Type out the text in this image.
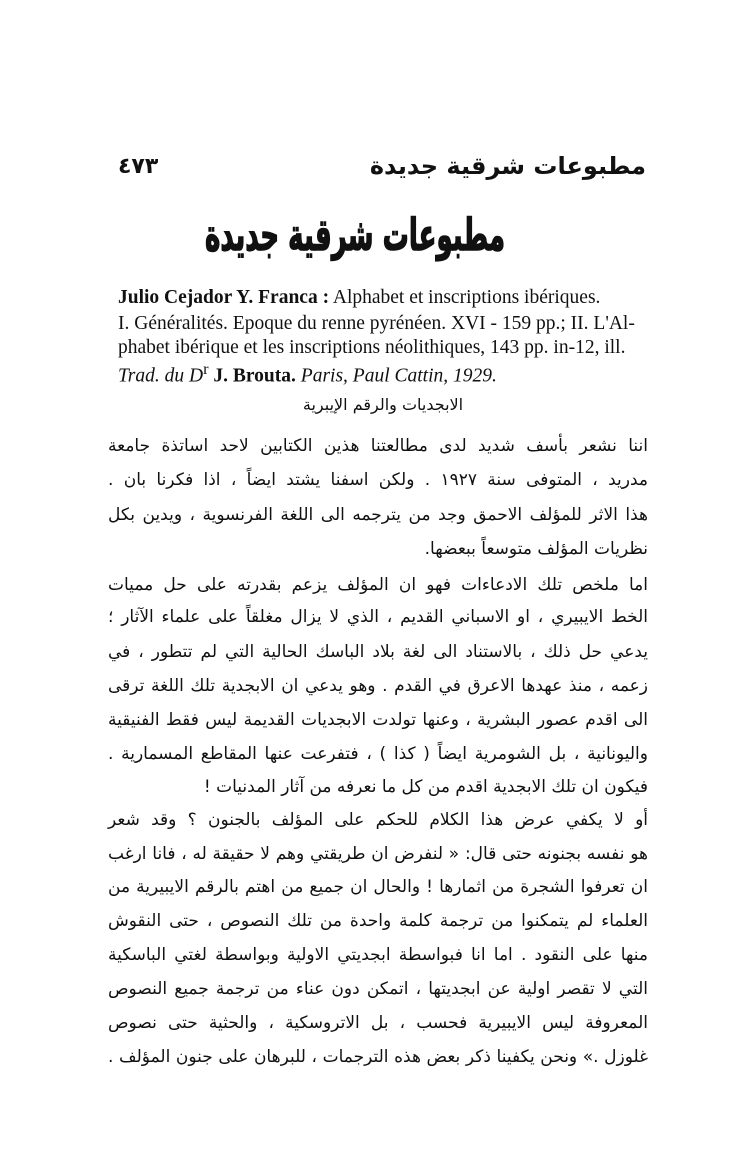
٤٧٣	مطبوعات شرقية جديدة
مطبوعات شرقية جديدة
Julio Cejador Y. Franca : Alphabet et inscriptions ibériques.
I. Généralités. Epoque du renne pyrénéen. XVI - 159 pp.; II. L'Al-
phabet ibérique et les inscriptions néolithiques, 143 pp. in-12, ill.
Trad. du $D^r$ J. Brouta. Paris, Paul Cattin, 1929.
الابجديات والرقم الإيبرية
اننا نشعر بأسف شديد لدى مطالعتنا هذين الكتابين لاحد اساتذة جامعة
مدريد ، المتوفى سنة ١٩٢٧ . ولكن اسفنا يشتد ايضاً ، اذا فكرنا بان .
هذا الاثر للمؤلف الاحمق وجد من يترجمه الى اللغة الفرنسوية ، ويدين بكل
نظريات المؤلف متوسعاً ببعضها.
اما ملخص تلك الادعاءات فهو ان المؤلف يزعم بقدرته على حل مميات
الخط الايبيري ، او الاسباني القديم ، الذي لا يزال مغلقاً على علماء الآثار ؛
يدعي حل ذلك ، بالاستناد الى لغة بلاد الباسك الحالية التي لم تتطور ، في
زعمه ، منذ عهدها الاعرق في القدم . وهو يدعي ان الابجدية تلك اللغة ترقى
الى اقدم عصور البشرية ، وعنها تولدت الابجديات القديمة ليس فقط الفنيقية
واليونانية ، بل الشومرية ايضاً ( كذا ) ، فتفرعت عنها المقاطع المسمارية .
فيكون ان تلك الابجدية اقدم من كل ما نعرفه من آثار المدنيات !
أو لا يكفي عرض هذا الكلام للحكم على المؤلف بالجنون ؟ وقد شعر
هو نفسه بجنونه حتى قال: « لنفرض ان طريقتي وهم لا حقيقة له ، فانا ارغب
ان تعرفوا الشجرة من اثمارها ! والحال ان جميع من اهتم بالرقم الايبيرية من
العلماء لم يتمكنوا من ترجمة كلمة واحدة من تلك النصوص ، حتى النقوش
منها على النقود . اما انا فبواسطة ابجديتي الاولية وبواسطة لغتي الباسكية
التي لا تقصر اولية عن ابجديتها ، اتمكن دون عناء من ترجمة جميع النصوص
المعروفة ليس الايبيرية فحسب ، بل الاتروسكية ، والحثية حتى نصوص
غلوزل .» ونحن يكفينا ذكر بعض هذه الترجمات ، للبرهان على جنون المؤلف .
